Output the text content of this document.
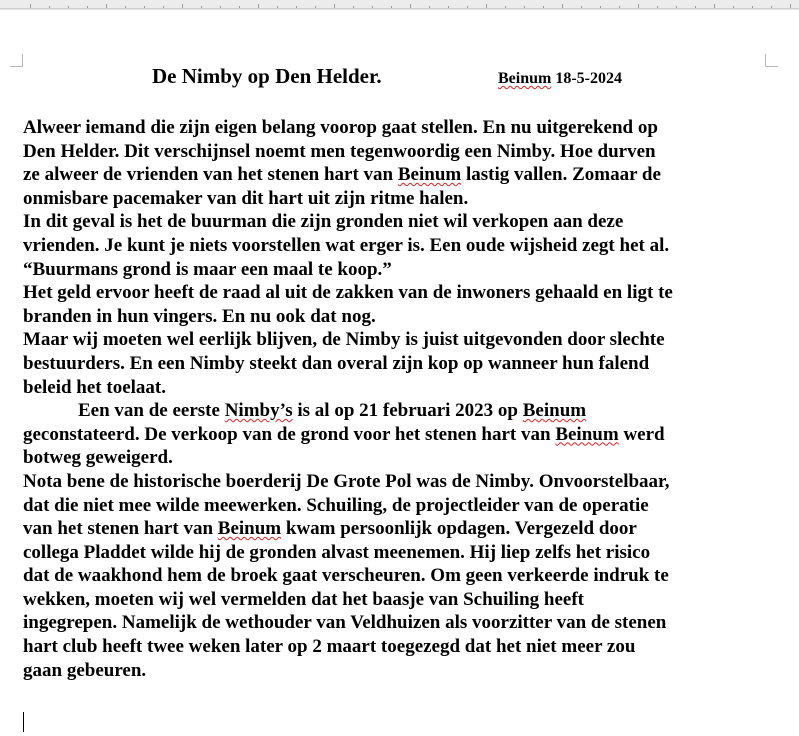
De Nimby op Den Helder.	Beinum 18-5-2024
Alweer iemand die zijn eigen belang voorop gaat stellen. En nu uitgerekend op
Den Helder. Dit verschijnsel noemt men tegenwoordig een Nimby. Hoe durven
ze alweer de vrienden van het stenen hart van Beinum lastig vallen. Zomaar de
onmisbare pacemaker van dit hart uit zijn ritme halen.
In dit geval is het de buurman die zijn gronden niet wil verkopen aan deze
vrienden. Je kunt je niets voorstellen wat erger is. Een oude wijsheid zegt het al.
“Buurmans grond is maar een maal te koop.”
Het geld ervoor heeft de raad al uit de zakken van de inwoners gehaald en ligt te
branden in hun vingers. En nu ook dat nog.
Maar wij moeten wel eerlijk blijven, de Nimby is juist uitgevonden door slechte
bestuurders. En een Nimby steekt dan overal zijn kop op wanneer hun falend
beleid het toelaat.
Een van de eerste Nimby’s is al op 21 februari 2023 op Beinum
geconstateerd. De verkoop van de grond voor het stenen hart van Beinum werd
botweg geweigerd.
Nota bene de historische boerderij De Grote Pol was de Nimby. Onvoorstelbaar,
dat die niet mee wilde meewerken. Schuiling, de projectleider van de operatie
van het stenen hart van Beinum kwam persoonlijk opdagen. Vergezeld door
collega Pladdet wilde hij de gronden alvast meenemen. Hij liep zelfs het risico
dat de waakhond hem de broek gaat verscheuren. Om geen verkeerde indruk te
wekken, moeten wij wel vermelden dat het baasje van Schuiling heeft
ingegrepen. Namelijk de wethouder van Veldhuizen als voorzitter van de stenen
hart club heeft twee weken later op 2 maart toegezegd dat het niet meer zou
gaan gebeuren.
